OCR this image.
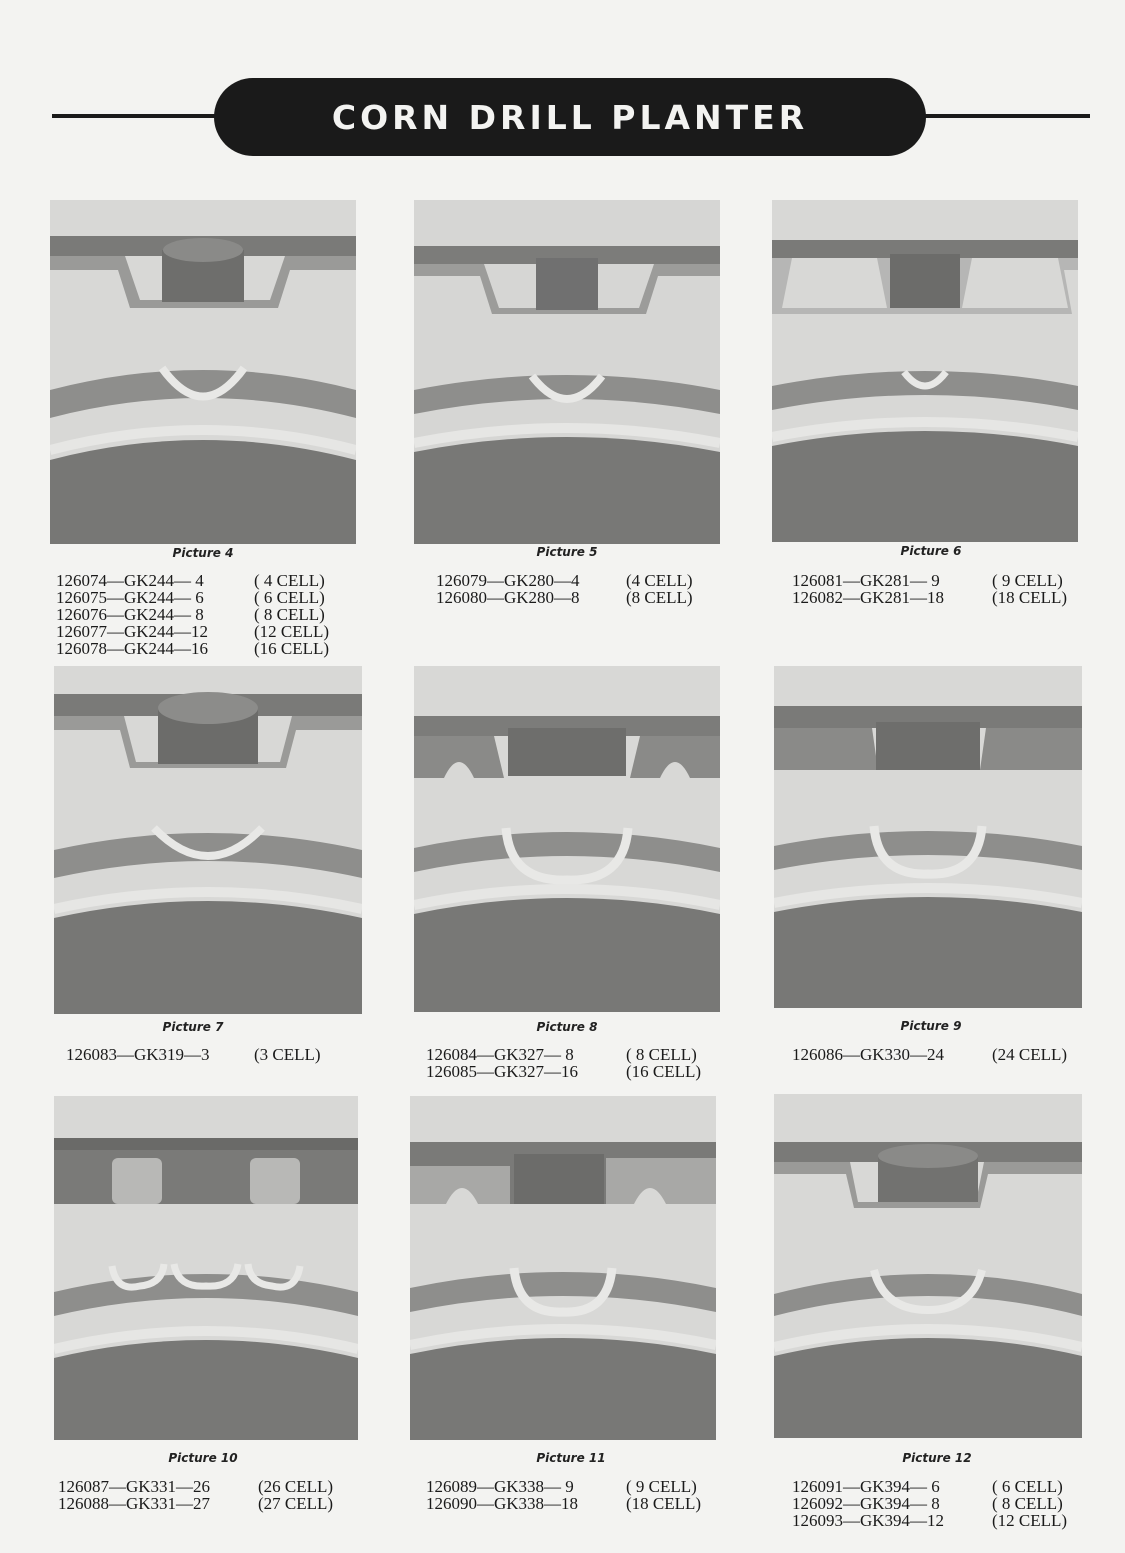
CORN DRILL PLANTER
Picture 4
126074—GK244— 4	( 4 CELL)
126075—GK244— 6	( 6 CELL)
126076—GK244— 8	( 8 CELL)
126077—GK244—12	(12 CELL)
126078—GK244—16	(16 CELL)
Picture 5
126079—GK280—4	(4 CELL)
126080—GK280—8	(8 CELL)
Picture 6
126081—GK281— 9	( 9 CELL)
126082—GK281—18	(18 CELL)
Picture 7
126083—GK319—3	(3 CELL)
Picture 8
126084—GK327— 8	( 8 CELL)
126085—GK327—16	(16 CELL)
Picture 9
126086—GK330—24	(24 CELL)
Picture 10
126087—GK331—26	(26 CELL)
126088—GK331—27	(27 CELL)
Picture 11
126089—GK338— 9	( 9 CELL)
126090—GK338—18	(18 CELL)
Picture 12
126091—GK394— 6	( 6 CELL)
126092—GK394— 8	( 8 CELL)
126093—GK394—12	(12 CELL)
